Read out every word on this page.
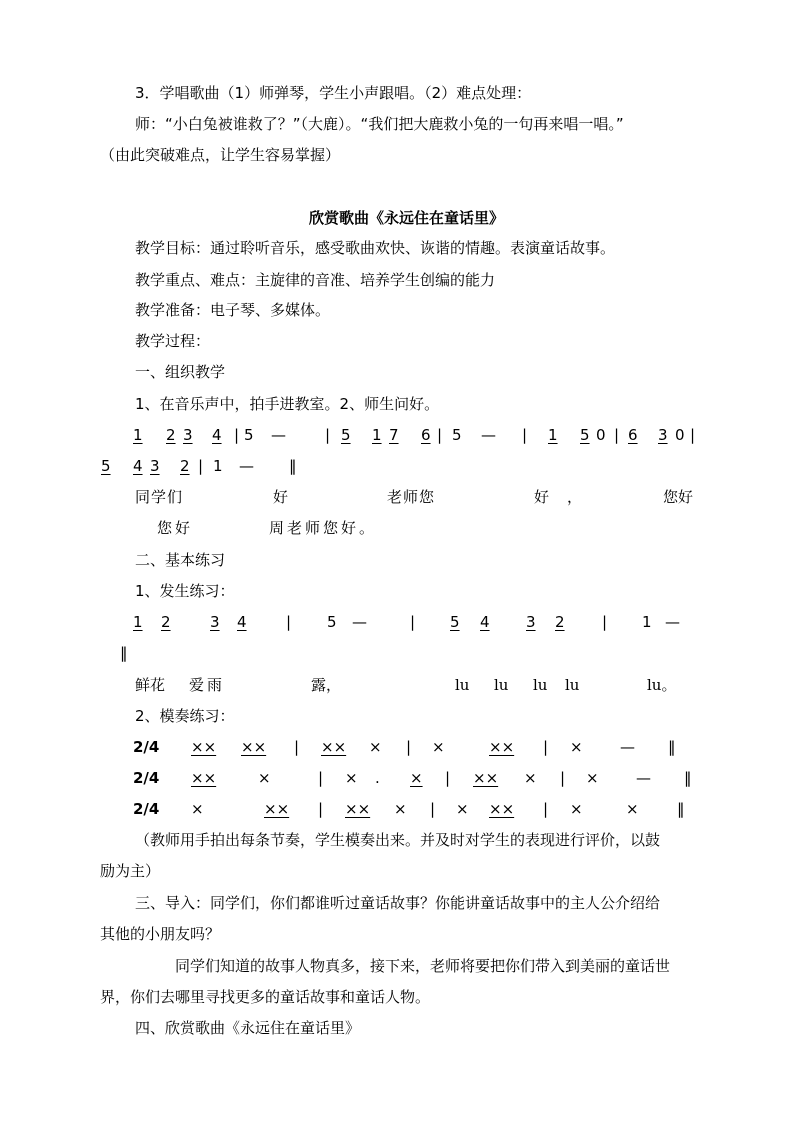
3．学唱歌曲（1）师弹琴，学生小声跟唱。（2）难点处理：
师：“小白兔被谁救了？”（大鹿）。“我们把大鹿救小兔的一句再来唱一唱。”
（由此突破难点，让学生容易掌握）
欣赏歌曲《永远住在童话里》
教学目标：通过聆听音乐，感受歌曲欢快、诙谐的情趣。表演童话故事。
教学重点、难点：主旋律的音准、培养学生创编的能力
教学准备：电子琴、多媒体。
教学过程：
一、组织教学
1、在音乐声中，拍手进教室。2、师生问好。
1 2 3 4 | 5 —	| 5 1 7 6 | 5 — | 1 5 0 | 6 3 0 |
5 4 3 2 | 1 — ‖
同学们	好	老师您	好 ，	您好
您好	周老师您好。
二、基本练习
1、发生练习：
1 2	3 4	| 5 —	| 5 4 3 2 | 1 —
‖
鲜花 爱雨	露，	lu lu lu lu	lu。
2、模奏练习：
2/4 ×× ×× | ×× × | ×	×× | × — ‖
2/4 ××	×	| × . × | ×× × | × — ‖
2/4 ×	×× | ×× × | × ×× | ×	×	‖
（教师用手拍出每条节奏，学生模奏出来。并及时对学生的表现进行评价，以鼓
励为主）
三、导入：同学们，你们都谁听过童话故事？你能讲童话故事中的主人公介绍给
其他的小朋友吗？
同学们知道的故事人物真多，接下来，老师将要把你们带入到美丽的童话世
界，你们去哪里寻找更多的童话故事和童话人物。
四、欣赏歌曲《永远住在童话里》
